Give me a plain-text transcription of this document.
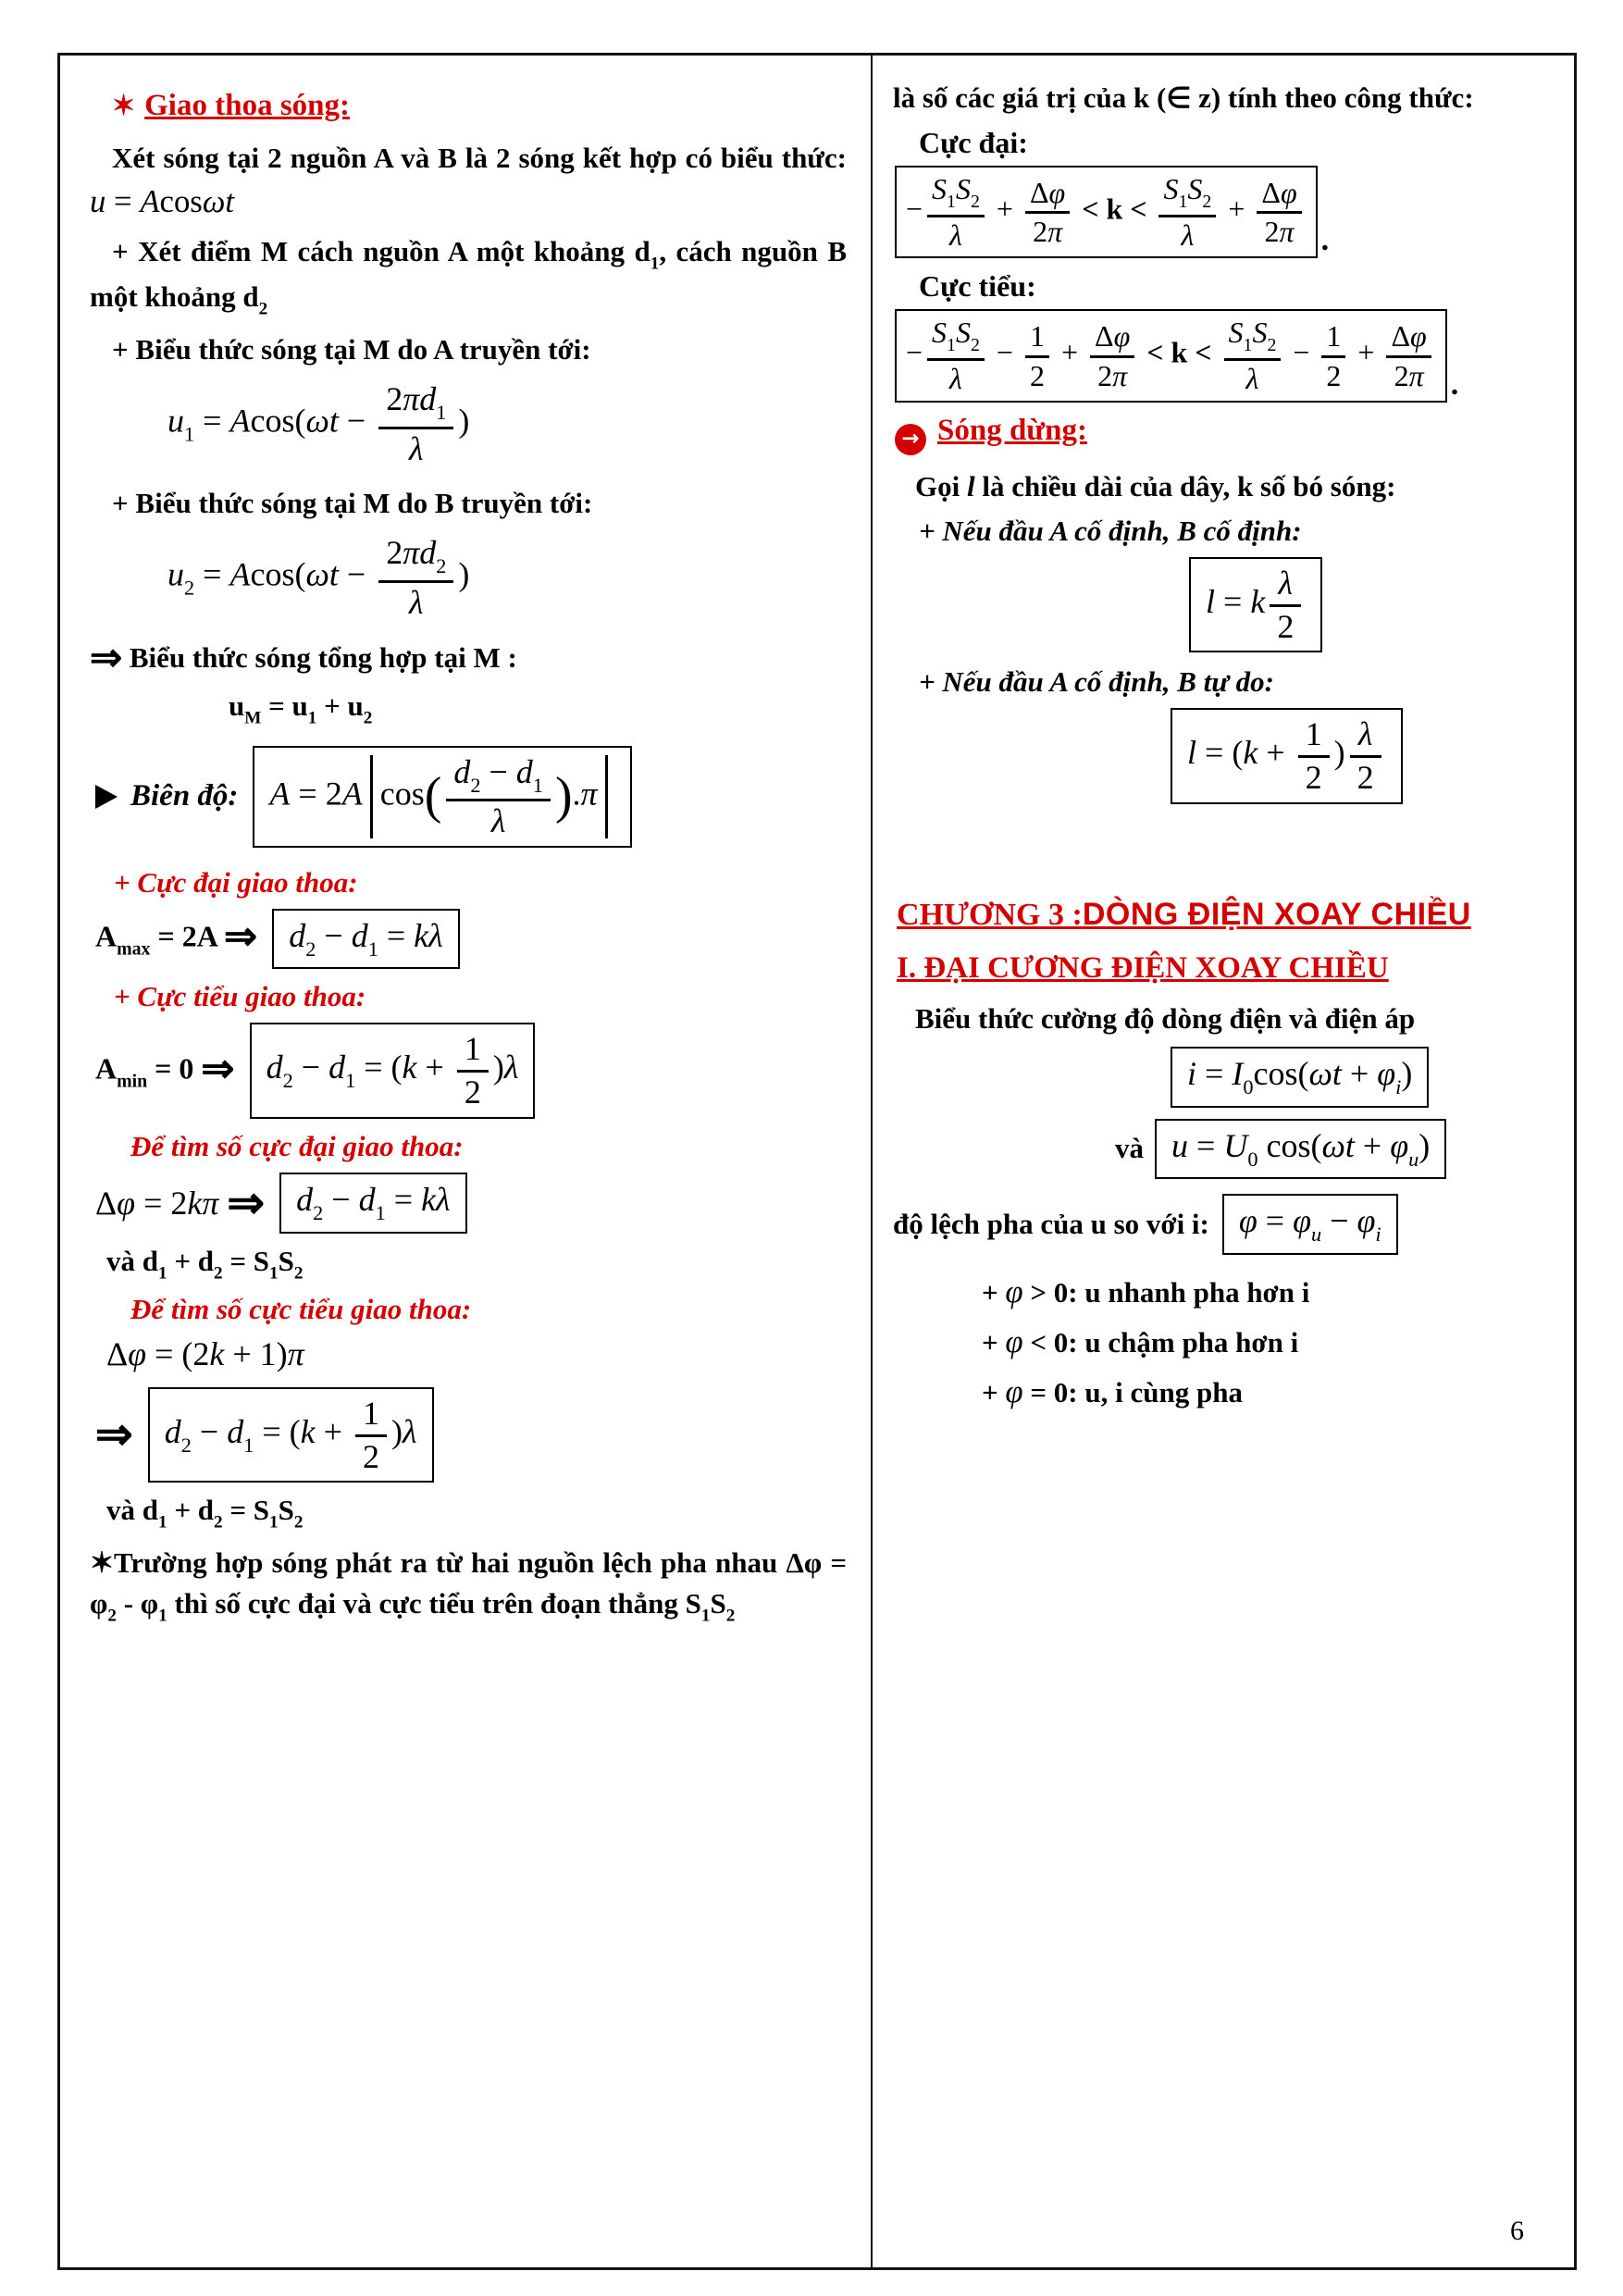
✶ Giao thoa sóng:

Xét sóng tại 2 nguồn A và B là 2 sóng kết hợp có biểu thức: u = Acosωt

+ Xét điểm M cách nguồn A một khoảng $d_1$, cách nguồn B một khoảng $d_2$

+ Biểu thức sóng tại M do A truyền tới:

$u_1 = Acos(\omega t - \frac{2\pi d_1}{\lambda}$ )

+ Biểu thức sóng tại M do B truyền tới:

$u_2 = Acos(\omega t - \frac{2\pi d_2}{\lambda}$ )

⇒ Biểu thức sóng tổng hợp tại M :

$u_M = u_1 + u_2$
Biên độ: A = 2A $\cos( \frac{d_2 - d_1}{\lambda} ).\pi$

+ Cực đại giao thoa:

$A_{max} = 2A$ ⇒ $d_2 - d_1 = k\lambda$

+ Cực tiểu giao thoa:

$A_{min} = 0$ ⇒ $d_2 - d_1 = (k + \frac{1}{2} )\lambda$

Để tìm số cực đại giao thoa:

Δφ = 2kπ ⇒ $d_2 - d_1 = k\lambda$
và $d_1 + d_2 = S_1S_2$

Để tìm số cực tiểu giao thoa:

Δφ = (2k + 1)π
⇒ $d_2 - d_1 = (k + \frac{1}{2} )\lambda$
và $d_1 + d_2 = S_1S_2$

✶Trường hợp sóng phát ra từ hai nguồn lệch pha nhau $\Delta\varphi = \varphi_2 - \varphi_1$ thì số cực đại và cực tiểu trên đoạn thẳng $S_1S_2$

là số các giá trị của k (∈ z) tính theo công thức:

Cực đại:

− $\frac{S_1S_2}{\lambda} + \frac{\Delta\varphi}{2\pi} < k < \frac{S_1S_2}{\lambda} + \frac{\Delta\varphi}{2\pi}$ .

Cực tiểu:

− $\frac{S_1S_2}{\lambda} - \frac{1}{2} + \frac{\Delta\varphi}{2\pi} < k < \frac{S_1S_2}{\lambda} - \frac{1}{2} + \frac{\Delta\varphi}{2\pi}$ .
→ Sóng dừng:

Gọi l là chiều dài của dây, k số bó sóng:

+ Nếu đầu A cố định, B cố định:

l = k $\frac{\lambda}{2}$

+ Nếu đầu A cố định, B tự do:

$l = (k + \frac{1}{2}$ ) $\frac{\lambda}{2}$
CHƯƠNG 3 :DÒNG ĐIỆN XOAY CHIỀU
I. ĐẠI CƯƠNG ĐIỆN XOAY CHIỀU

Biểu thức cường độ dòng điện và điện áp

$i = I_0\cos(\omega t + \varphi_i)$
và $u = U_0$ $\cos(\omega t + \varphi_u)$
độ lệch pha của u so với i: $\varphi = \varphi_u - \varphi_i$
+ φ > 0: u nhanh pha hơn i
+ φ < 0: u chậm pha hơn i
+ φ = 0: u, i cùng pha
6
